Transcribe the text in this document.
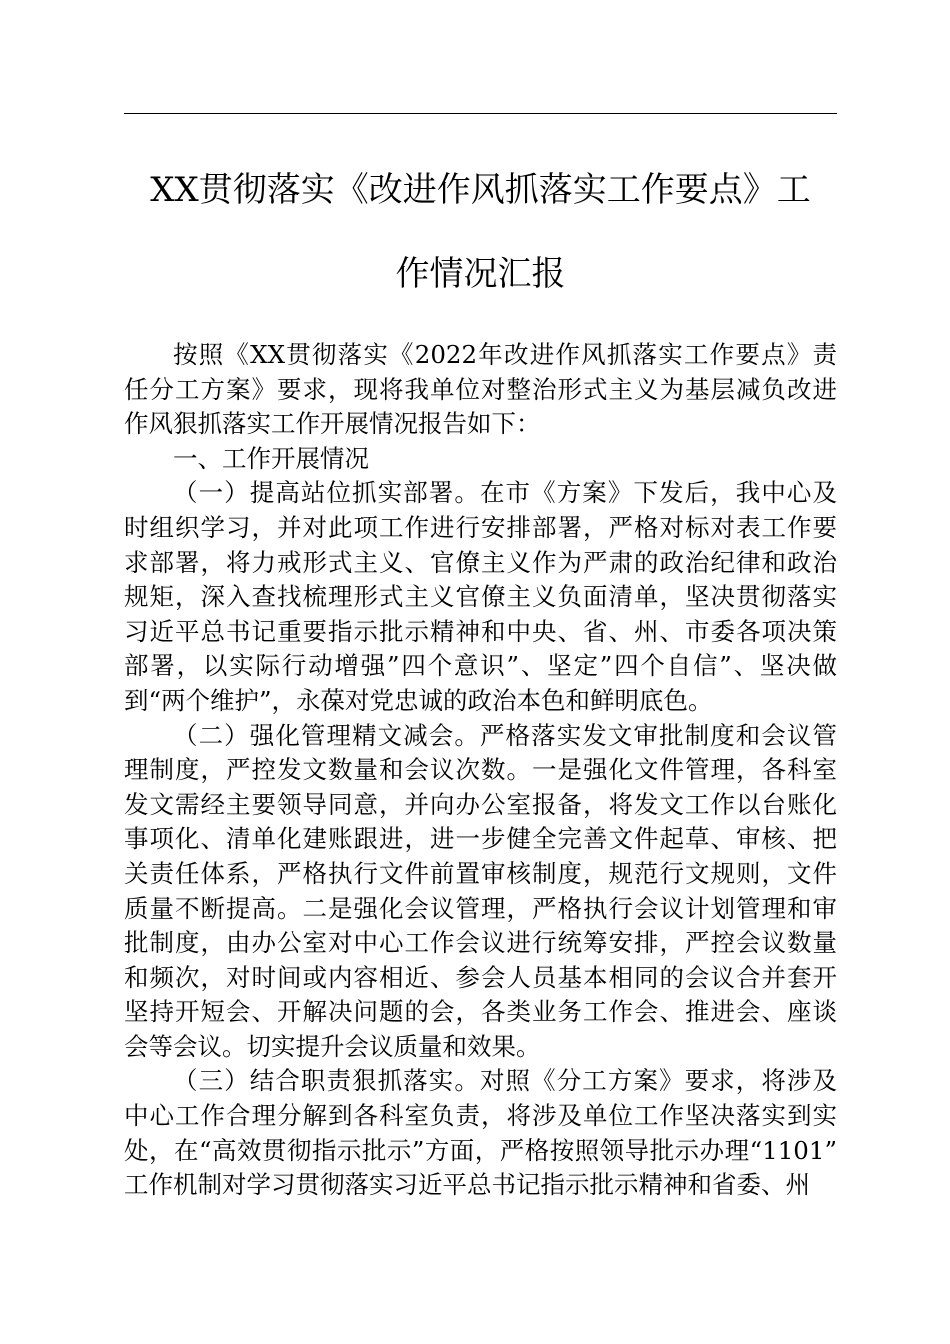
XX贯彻落实《改进作风抓落实工作要点》工
作情况汇报

按照《XX贯彻落实《2022年改进作风抓落实工作要点》责
任分工方案》要求，现将我单位对整治形式主义为基层减负改进
作风狠抓落实工作开展情况报告如下：

一、工作开展情况

（一）提高站位抓实部署。在市《方案》下发后，我中心及
时组织学习，并对此项工作进行安排部署，严格对标对表工作要
求部署，将力戒形式主义、官僚主义作为严肃的政治纪律和政治
规矩，深入查找梳理形式主义官僚主义负面清单，坚决贯彻落实
习近平总书记重要指示批示精神和中央、省、州、市委各项决策
部署，以实际行动增强”四个意识”、坚定”四个自信”、坚决做
到“两个维护”，永葆对党忠诚的政治本色和鲜明底色。

（二）强化管理精文减会。严格落实发文审批制度和会议管
理制度，严控发文数量和会议次数。一是强化文件管理，各科室
发文需经主要领导同意，并向办公室报备，将发文工作以台账化
事项化、清单化建账跟进，进一步健全完善文件起草、审核、把
关责任体系，严格执行文件前置审核制度，规范行文规则，文件
质量不断提高。二是强化会议管理，严格执行会议计划管理和审
批制度，由办公室对中心工作会议进行统筹安排，严控会议数量
和频次，对时间或内容相近、参会人员基本相同的会议合并套开
坚持开短会、开解决问题的会，各类业务工作会、推进会、座谈
会等会议。切实提升会议质量和效果。

（三）结合职责狠抓落实。对照《分工方案》要求，将涉及
中心工作合理分解到各科室负责，将涉及单位工作坚决落实到实
处，在“高效贯彻指示批示”方面，严格按照领导批示办理“1101”
工作机制对学习贯彻落实习近平总书记指示批示精神和省委、州
